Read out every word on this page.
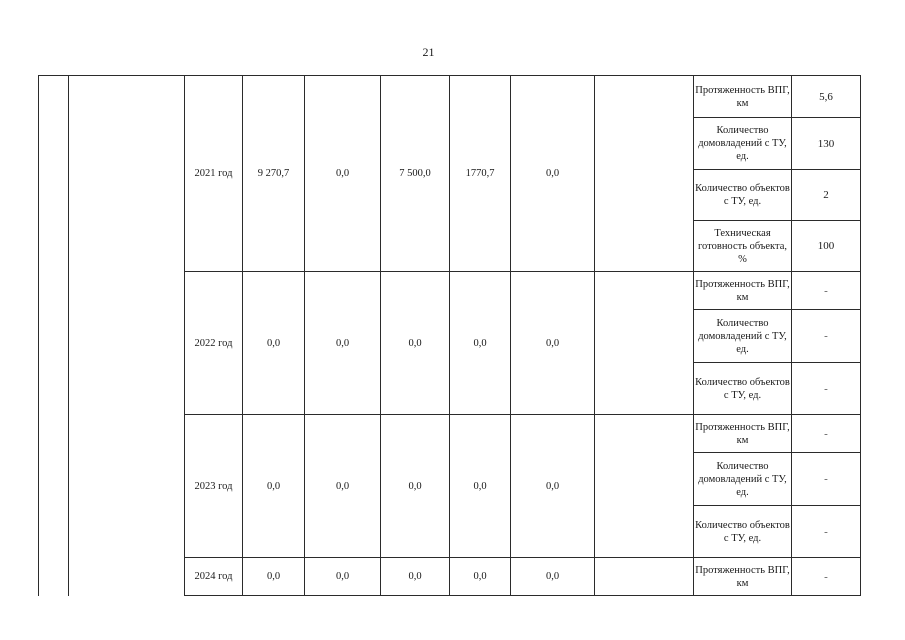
21
		2021 год	9 270,7	0,0	7 500,0	1770,7	0,0		Протяженность ВПГ, км	5,6
									Количество домовладений с ТУ, ед.	130
									Количество объектов с ТУ, ед.	2
									Техническая готовность объекта, %	100
		2022 год	0,0	0,0	0,0	0,0	0,0		Протяженность ВПГ, км	-
									Количество домовладений с ТУ, ед.	-
									Количество объектов с ТУ, ед.	-
		2023 год	0,0	0,0	0,0	0,0	0,0		Протяженность ВПГ, км	-
									Количество домовладений с ТУ, ед.	-
									Количество объектов с ТУ, ед.	-
		2024 год	0,0	0,0	0,0	0,0	0,0		Протяженность ВПГ, км	-
